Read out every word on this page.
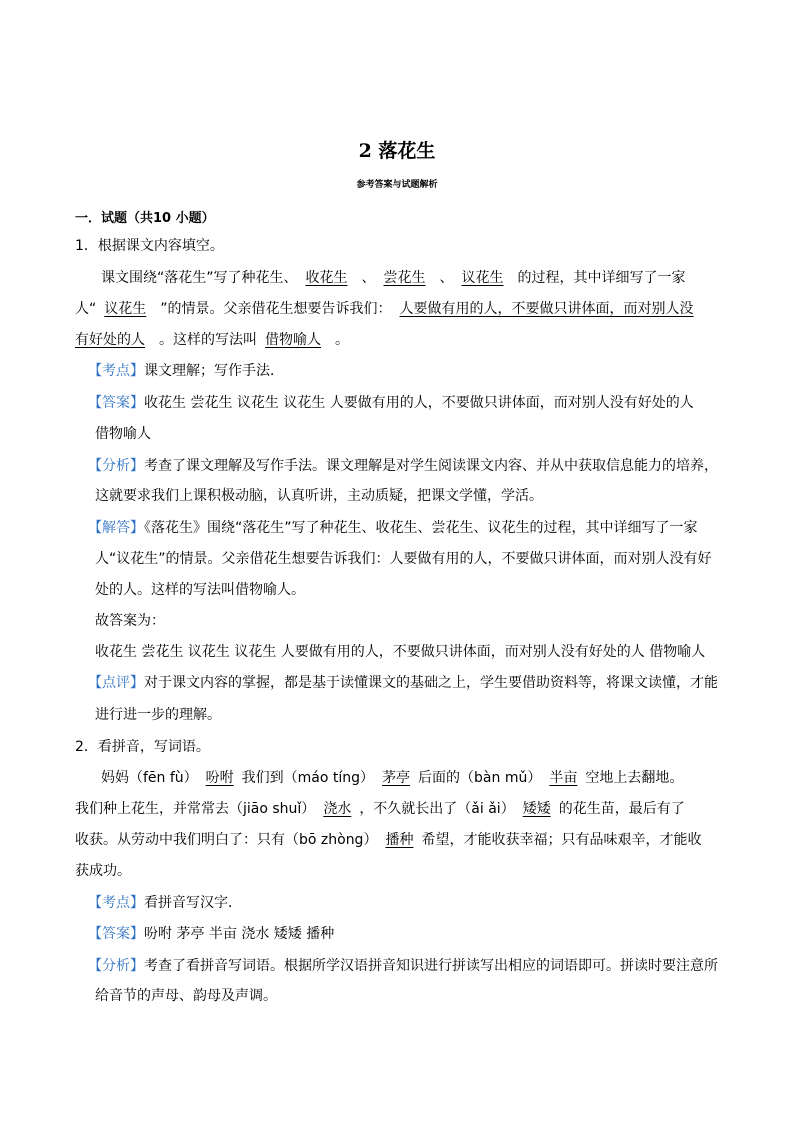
2 落花生
参考答案与试题解析
一．试题（共10 小题）
1．根据课文内容填空。
课文围绕“落花生”写了种花生、 收花生 、 尝花生 、 议花生 的过程，其中详细写了一家
人“ 议花生 ”的情景。父亲借花生想要告诉我们： 人要做有用的人，不要做只讲体面，而对别人没
有好处的人 。这样的写法叫 借物喻人 。
【考点】课文理解；写作手法．
【答案】收花生 尝花生 议花生 议花生 人要做有用的人，不要做只讲体面，而对别人没有好处的人
借物喻人
【分析】考查了课文理解及写作手法。课文理解是对学生阅读课文内容、并从中获取信息能力的培养，
这就要求我们上课积极动脑，认真听讲，主动质疑，把课文学懂，学活。
【解答】《落花生》围绕“落花生”写了种花生、收花生、尝花生、议花生的过程，其中详细写了一家
人“议花生”的情景。父亲借花生想要告诉我们：人要做有用的人，不要做只讲体面，而对别人没有好
处的人。这样的写法叫借物喻人。
故答案为：
收花生 尝花生 议花生 议花生 人要做有用的人，不要做只讲体面，而对别人没有好处的人 借物喻人
【点评】对于课文内容的掌握，都是基于读懂课文的基础之上，学生要借助资料等，将课文读懂，才能
进行进一步的理解。
2．看拼音，写词语。
妈妈（fēn fù） 吩咐 我们到（máo tíng） 茅亭 后面的（bàn mǔ） 半亩 空地上去翻地。
我们种上花生，并常常去（jiāo shuǐ） 浇水 ，不久就长出了（ǎi ǎi） 矮矮 的花生苗，最后有了
收获。从劳动中我们明白了：只有（bō zhòng） 播种 希望，才能收获幸福；只有品味艰辛，才能收
获成功。
【考点】看拼音写汉字．
【答案】吩咐 茅亭 半亩 浇水 矮矮 播种
【分析】考查了看拼音写词语。根据所学汉语拼音知识进行拼读写出相应的词语即可。拼读时要注意所
给音节的声母、韵母及声调。
